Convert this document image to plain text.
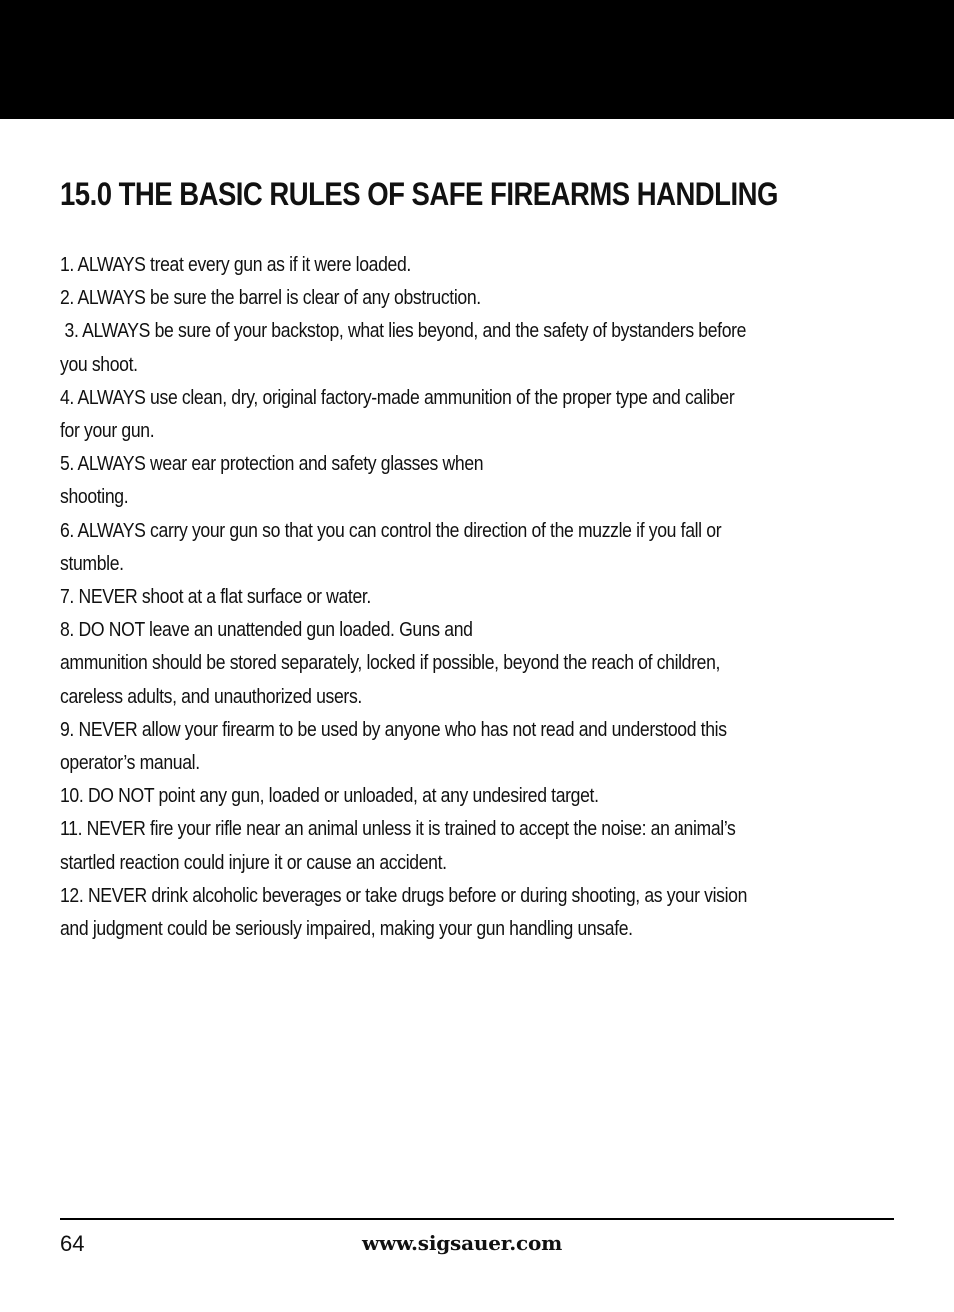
15.0 THE BASIC RULES OF SAFE FIREARMS HANDLING
1. ALWAYS treat every gun as if it were loaded.
2. ALWAYS be sure the barrel is clear of any obstruction.
3. ALWAYS be sure of your backstop, what lies beyond, and the safety of bystanders before
you shoot.
4. ALWAYS use clean, dry, original factory-made ammunition of the proper type and caliber
for your gun.
5. ALWAYS wear ear protection and safety glasses when
shooting.
6. ALWAYS carry your gun so that you can control the direction of the muzzle if you fall or
stumble.
7. NEVER shoot at a flat surface or water.
8. DO NOT leave an unattended gun loaded. Guns and
ammunition should be stored separately, locked if possible, beyond the reach of children,
careless adults, and unauthorized users.
9. NEVER allow your firearm to be used by anyone who has not read and understood this
operator’s manual.
10. DO NOT point any gun, loaded or unloaded, at any undesired target.
11. NEVER fire your rifle near an animal unless it is trained to accept the noise: an animal’s
startled reaction could injure it or cause an accident.
12. NEVER drink alcoholic beverages or take drugs before or during shooting, as your vision
and judgment could be seriously impaired, making your gun handling unsafe.
64	www.sigsauer.com
